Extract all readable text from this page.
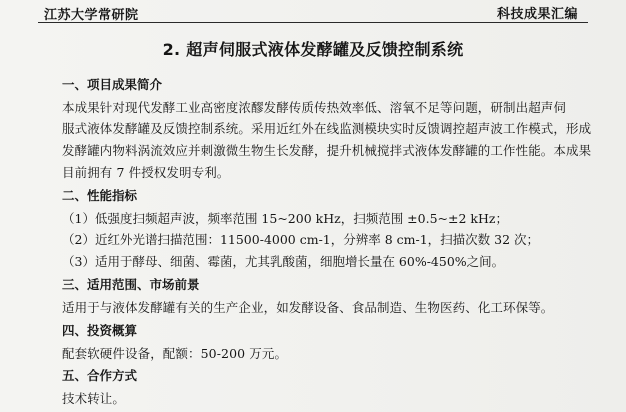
江苏大学常研院	科技成果汇编
2. 超声伺服式液体发酵罐及反馈控制系统
一、项目成果简介
本成果针对现代发酵工业高密度浓醪发酵传质传热效率低、溶氧不足等问题，研制出超声伺
服式液体发酵罐及反馈控制系统。采用近红外在线监测模块实时反馈调控超声波工作模式，形成
发酵罐内物料涡流效应并刺激微生物生长发酵，提升机械搅拌式液体发酵罐的工作性能。本成果
目前拥有 7 件授权发明专利。
二、性能指标
（1）低强度扫频超声波，频率范围 15~200 kHz，扫频范围 ±0.5~±2 kHz；
（2）近红外光谱扫描范围：11500-4000 cm-1，分辨率 8 cm-1，扫描次数 32 次；
（3）适用于酵母、细菌、霉菌，尤其乳酸菌，细胞增长量在 60%-450%之间。
三、适用范围、市场前景
适用于与液体发酵罐有关的生产企业，如发酵设备、食品制造、生物医药、化工环保等。
四、投资概算
配套软硬件设备，配额：50-200 万元。
五、合作方式
技术转让。
